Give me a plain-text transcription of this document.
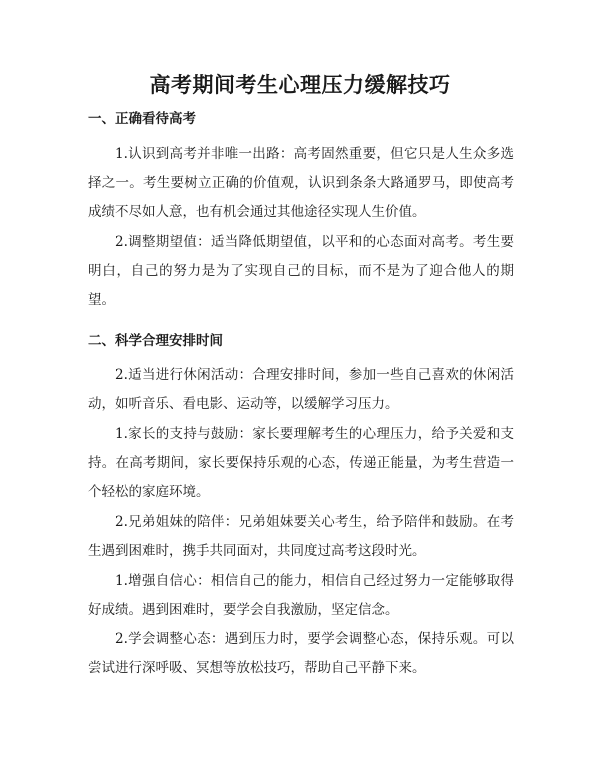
高考期间考生心理压力缓解技巧
一、正确看待高考

1.认识到高考并非唯一出路：高考固然重要，但它只是人生众多选择之一。考生要树立正确的价值观，认识到条条大路通罗马，即使高考成绩不尽如人意，也有机会通过其他途径实现人生价值。

2.调整期望值：适当降低期望值，以平和的心态面对高考。考生要明白，自己的努力是为了实现自己的目标，而不是为了迎合他人的期望。

二、科学合理安排时间

2.适当进行休闲活动：合理安排时间，参加一些自己喜欢的休闲活动，如听音乐、看电影、运动等，以缓解学习压力。

1.家长的支持与鼓励：家长要理解考生的心理压力，给予关爱和支持。在高考期间，家长要保持乐观的心态，传递正能量，为考生营造一个轻松的家庭环境。

2.兄弟姐妹的陪伴：兄弟姐妹要关心考生，给予陪伴和鼓励。在考生遇到困难时，携手共同面对，共同度过高考这段时光。

1.增强自信心：相信自己的能力，相信自己经过努力一定能够取得好成绩。遇到困难时，要学会自我激励，坚定信念。

2.学会调整心态：遇到压力时，要学会调整心态，保持乐观。可以尝试进行深呼吸、冥想等放松技巧，帮助自己平静下来。
